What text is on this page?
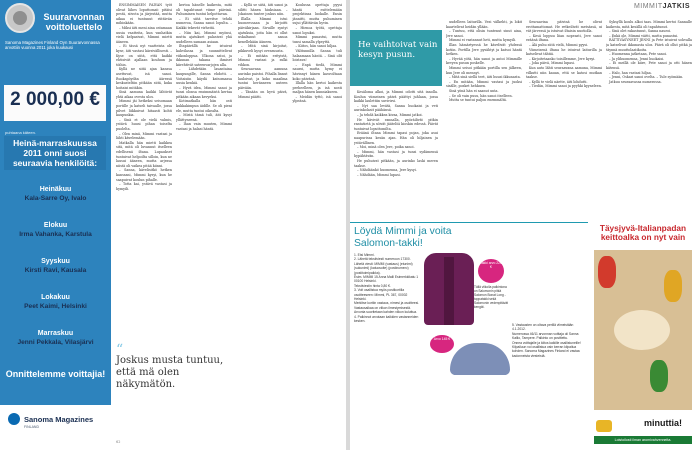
Suurarvonnan voittoluettelo
Sanoma Magazines Finland Oyn Suurarvonnassa arvottiin vuonna 2011 joka kuukausi
2 000,00 €
puhtaana käteen.
Heinä-marraskuussa 2011 onni suosi seuraavia henkilöitä:
Heinäkuu
Kala-Sarre Oy, Ivalo
Elokuu
Irma Vahanka, Karstula
Syyskuu
Kirsti Ravi, Kausala
Lokakuu
Peet Kaimi, Helsinki
Marraskuu
Jenni Pekkala, Vilasjärvi
Onnittelemme voittajia!
Sanoma Magazines
FINLAND

ENSIMMÄISEN PÄIVÄN työt olivat lähes loputtomat: pitäisi pestä, siivota ja järjestää, mutta aikaa ei tuntunut riittävän mihinkään.

– Miksi äiti meni aina ostamaan uusia vaatteita, kun vanhatkin vielä kelpasivat, Mimmi mietti ääneen.

– Ei tässä nyt vaatteista ole kyse, äiti vastasi kärsivällisesti. – Kyse on siitä, että kaikki ehtisivät ajallaan kouluun ja töihin.

Kyllä ne siitä ajan kanssa asettuvat, isä sanoi. Ruokapöydän ääressä keskusteltiin pitkään siitä, kuka hoitaisi mitäkin.

Sinä aamuna kaikki lähtivät yhtä aikaa ovesta ulos.

Mimmi jäi hetkeksi seisomaan portille ja katseli taivaalle, jossa pilvet liikkuivat hitaasti kohti kaupunkia.

– Sinä et ole vielä valmis, ystävä huusi pihan toiselta puolelta.

– Olen minä, Mimmi vastasi ja lähti kävelemään.

Matkalla hän mietti kaikkea sitä, mitä oli luvannut itselleen edellisenä iltana. Lupaukset tuntuivat helpoilta silloin, kun ne lausui ääneen, mutta arjessa niistä oli vaikea pitää kiinni.

– Sanna, kävelisitkö hetken kanssani, Mimmi kysyi, kun he saapuivat koulun pihalle.

– Totta kai, ystävä vastasi ja hymyili.

“
Joskus musta tuntuu, että mä olen näkymätön.

kertoa hänelle kaikesta, mitä oli tapahtunut viime päivinä. Puhuminen tuntui helpottavan.

– Ei siitä tarvitse tehdä numeroa, Sanna sanoi lopulta. – Kaikki tekevät virheitä.

– Niin kai, Mimmi myönsi, mutta ajatukset palasivat yhä uudelleen samaan asiaan.

Iltapäivällä he istuivat kahvilassa ja suunnittelivat viikonloppua. Ulkona satoi, ja ikkunan takana ihmiset kiirehtivät sateenvarjojen alla.

– Lähdetään lauantaina kaupungille, Sanna ehdotti. – Voitaisiin käydä katsomassa uusia kenkiä.

– Hyvä idea, Mimmi sanoi ja tunsi olonsa ensimmäistä kertaa pitkään aikaan kevyeksi.

Kotimatkalla hän osti kukkakimpun äidille. Se oli pieni ele, mutta tuntui oikealta.

– Mistä tämä tuli, äiti kysyi yllättyneenä.

– Ihan vain muuten, Mimmi vastasi ja halasi häntä.

– Kyllä se siitä, äiti sanoi ja silitti hänen hiuksiaan. – Jokainen tuntee joskus niin.

Illalla Mimmi istui huoneessaan ja kirjoitti päiväkirjaan. Sivuille syntyi ajatuksia, joita hän ei ollut uskaltanut sanoa kenellekään ääneen.

– Mitä sinä kirjoitat, pikkuveli kysyi ovensuusta.

– Ei mitään erityistä, Mimmi vastasi ja sulki vihkon.

Seuraavana aamuna aurinko paistoi. Pihalla linnut lauloivat, ja koko maailma tuntui heränneen uuteen päivään.

– Tänään on hyvä päivä, Mimmi päätti.

Koulussa opettaja pyysi häntä esittelemään projektinsa luokalle. Ensin jännitti, mutta puhuminen sujui yllättävän hyvin.

– Hienoa työtä, opettaja sanoi lopuksi.

Mimmi punastui, mutta tunsi samalla ylpeyttä.

– Kiitos, hän sanoi hiljaa.

Välitunnilla Sanna tuli halaamaan häntä. – Sinä olit loistava!

– Enpä tiedä, Mimmi nauroi, mutta hymy ei hävinnyt hänen kasvoiltaan koko päivänä.

Illalla hän kertoi kaikesta perheelleen, ja isä nosti maljan hänen kunniakseen.

– Meidän tyttö, isä sanoi ylpeänä.

62
MIMMITJATKIS
He vaihtoivat vain kesyn pusun.

Kesäloma alkoi, ja Mimmi odotti sitä innolla. Koulun viimeinen päivä päättyi juhlaan, jossa kaikki laulettiin suvivirsi.

– Nyt saa levätä, Sanna huokaisi ja veti aurinkolasit päähänsä.

– Ja tehdä kaikkea kivaa, Mimmi jatkoi.

He kävivät rannalla, pyöräilivät pitkin rantatietä ja söivät jäätelöä kioskin edessä. Päivät tuntuivat loputtomilta.

Eräänä iltana Mimmi tapasi pojan, joka asui naapurissa kesän ajan. Hän oli hiljainen ja ystävällinen.

– Moi, minä olen Jere, poika sanoi.

– Mimmi, hän vastasi ja tunsi sydämensä hypähtävän.

He puhuivat pitkään, ja aurinko laski meren taakse.

– Nähdäänkö huomenna, Jere kysyi.

– Nähdään, Mimmi lupasi.

uudelleen laiturilla. Vesi välkehti, ja lokit kaartelivat heidän yllään.

– Tuntuu, että olisin tuntenut sinut aina, Jere sanoi.

Mimmi ei vastannut heti, mutta hymyili.

Illan hämärtyessä he kävelivät yhdessä kotiin. Portilla Jere pysähtyi ja katsoi häntä hetken.

– Hyvää yötä, hän sanoi ja antoi Mimmille kevyen pusun poskelle.

Mimmi seisoi pitkään portilla sen jälkeen, kun Jere oli mennyt.

– Mitä sinä siellä teet, äiti huusi ikkunasta.

– En mitään, Mimmi vastasi ja juoksi sisälle, posket hehkuen.

Sinä yönä hän ei saanut unta.

– Se oli vain pusu, hän sanoi itselleen.

Mutta se tuntui paljon enemmältä.

Seuraavina päivinä he olivat erottamattomat. He retkeilivät metsässä, ui vät järvessä ja istuivat iltaisin nuotiolla.

– Kesä loppuu liian nopeasti, Jere sanoi eräänä iltana.

– Älä puhu siitä vielä, Mimmi pyysi.

Viimeisenä iltana he istuivat laiturilla ja katselivat tähtiä.

– Kirjoitetaanko toisillemme, Jere kysyi.

– Joka päivä, Mimmi lupasi.

Kun auto lähti seuraavana aamuna, Mimmi vilkutti niin kauan, että se katosi mutkan taakse.

– Kyllä te vielä näette, äiti lohdutti.

– Tiedän, Mimmi sanoi ja pyyhki kyyneleen.

Syksyllä koulu alkoi taas. Mimmi kertoi Sannalle kaikesta, mitä kesällä oli tapahtunut.

– Sinä olet rakastunut, Sanna nauroi.

– Enkä ole, Mimmi väitti, mutta punastui.

RÄTTIVÄSYNEET JENNI ja Pete istuivat sohvalla ja katselivat ikkunasta ulos. Päivä oli ollut pitkä ja täynnä muuttolaatikoita.

– Huomenna jatketaan, Pete sanoi.

– Ja ylihuomenna, Jenni huokaisi.

– Ei meillä ole kiire, Pete sanoi ja otti hänen kätensä.

– Halo, han vastasi hiljaa.

– Jenni, Oskari sanoi ovelta. – Tule syömään.

Jatkuu seuraavassa numerossa.

Löydä Mimmi ja voita Salomon-takki!

1. Etsi Mimmi.

2. Lähetä tekstiviesti numeroon 17300.

Lähetä viesti: MIMMI (vastaus) (etunimi) (sukunimi) (katuosoite) (postinumero) (postitoimipaikka).

Esim. MIMMI 15 Anna Malli Esimerkkikatu 1 00100 Helsinki.

Tekstiviestin hinta 0,80 €.

3. Voit osallistua myös postikortilla osoitteeseen: Mimmi, PL 367, 00002 Helsinki.

Merkitse kortiin vastaus, nimesi ja osoitteesi.

Vastausaikaa on viikon ilmestymisestä. Arvonta suoritetaan kahden viikon kuluttua.

4. Palkinnot arvotaan kaikkien vastanneiden kesken.

Takki arvo 220 €
Tällä viikolla palkintona on Salomonin pitkä Salomon Bonat Long -toppatakki sekä Salomonin vedenpitävät kengät.
Arvo 145 €

5. Vastausten on oltava perillä viimeistään 4.1.2012.

Numerossa 46/11 arvonnan voittaja oli Sanna Kallio, Tampere. Palkinto on postitettu.

Onnea voittajalle ja kiitos kaikille osallistuneille!

Kilpailuun voi osallistua vain kerran kilpailua kohden. Sanoma Magazines Finland ei vastaa kadonneista viesteistä.

Täysjyvä-Italianpadan keittoalka on nyt vain
minuttia!
Loistoilosti ilman aromivahvenneita.
